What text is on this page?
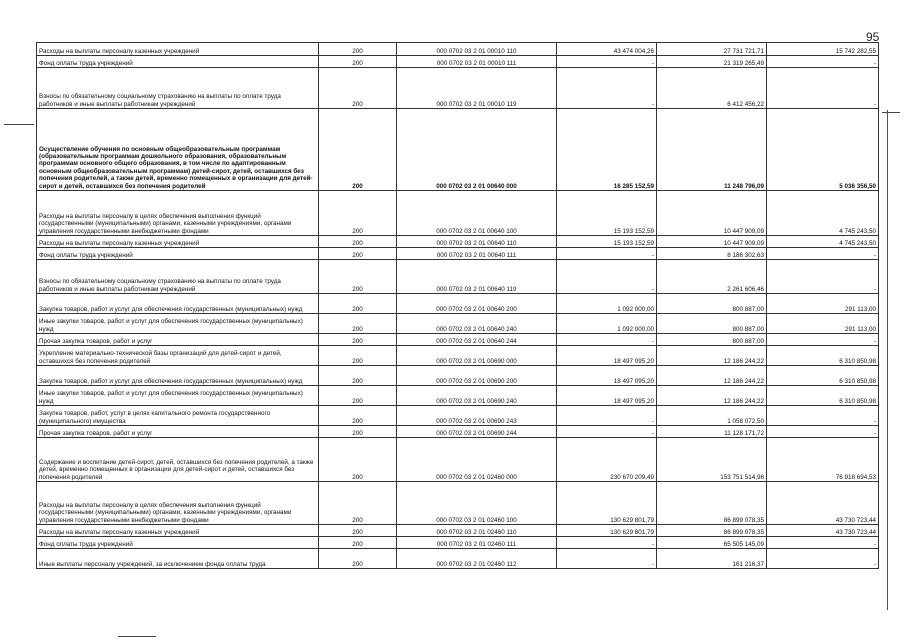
95
Расходы на выплаты персоналу казенных учреждений	200	000 0702 03 2 01 00010 110	43 474 004,26	27 731 721,71	15 742 282,55
Фонд оплаты труда учреждений	200	000 0702 03 2 01 00010 111	-	21 319 265,49	-
Взносы по обязательному социальному страхованию на выплаты по оплате труда работников и иные выплаты работникам учреждений	200	000 0702 03 2 01 00010 119	-	6 412 456,22	-
Осуществление обучения по основным общеобразовательным программам (образовательным программам дошкольного образования, образовательным программам основного общего образования, в том числе по адаптированным основным общеобразовательным программам) детей-сирот, детей, оставшихся без попечения родителей, а также детей, временно помещенных в организации для детей-сирот и детей, оставшихся без попечения родителей	200	000 0702 03 2 01 00640 000	16 285 152,59	11 248 796,09	5 036 356,50
Расходы на выплаты персоналу в целях обеспечения выполнения функций государственными (муниципальными) органами, казенными учреждениями, органами управления государственными внебюджетными фондами	200	000 0702 03 2 01 00640 100	15 193 152,59	10 447 909,09	4 745 243,50
Расходы на выплаты персоналу казенных учреждений	200	000 0702 03 2 01 00640 110	15 193 152,59	10 447 909,09	4 745 243,50
Фонд оплаты труда учреждений	200	000 0702 03 2 01 00640 111	-	8 186 302,63	-
Взносы по обязательному социальному страхованию на выплаты по оплате труда работников и иные выплаты работникам учреждений	200	000 0702 03 2 01 00640 119	-	2 261 606,46	-
Закупка товаров, работ и услуг для обеспечения государственных (муниципальных) нужд	200	000 0702 03 2 01 00640 200	1 092 000,00	800 887,00	291 113,00
Иные закупки товаров, работ и услуг для обеспечения государственных (муниципальных) нужд	200	000 0702 03 2 01 00640 240	1 092 000,00	800 887,00	291 113,00
Прочая закупка товаров, работ и услуг	200	000 0702 03 2 01 00640 244	-	800 887,00	-
Укрепление материально-технической базы организаций для детей-сирот и детей, оставшихся без попечения родителей	200	000 0702 03 2 01 00690 000	18 497 095,20	12 186 244,22	6 310 850,98
Закупка товаров, работ и услуг для обеспечения государственных (муниципальных) нужд	200	000 0702 03 2 01 00690 200	18 497 095,20	12 186 244,22	6 310 850,98
Иные закупки товаров, работ и услуг для обеспечения государственных (муниципальных) нужд	200	000 0702 03 2 01 00690 240	18 497 095,20	12 186 244,22	6 310 850,98
Закупка товаров, работ, услуг в целях капитального ремонта государственного (муниципального) имущества	200	000 0702 03 2 01 00690 243	-	1 058 072,50	-
Прочая закупка товаров, работ и услуг	200	000 0702 03 2 01 00690 244	-	11 128 171,72	-
Содержание и воспитание детей-сирот, детей, оставшихся без попечения родителей, а также детей, временно помещенных в организации для детей-сирот и детей, оставшихся без попечения родителей	200	000 0702 03 2 01 02460 000	230 670 209,49	153 751 514,96	76 918 694,53
Расходы на выплаты персоналу в целях обеспечения выполнения функций государственными (муниципальными) органами, казенными учреждениями, органами управления государственными внебюджетными фондами	200	000 0702 03 2 01 02460 100	130 629 801,79	86 899 078,35	43 730 723,44
Расходы на выплаты персоналу казенных учреждений	200	000 0702 03 2 01 02460 110	130 629 801,79	86 899 078,35	43 730 723,44
Фонд оплаты труда учреждений	200	000 0702 03 2 01 02460 111	-	65 505 145,09	-
Иные выплаты персоналу учреждений, за исключением фонда оплаты труда	200	000 0702 03 2 01 02460 112	-	161 216,37	-
